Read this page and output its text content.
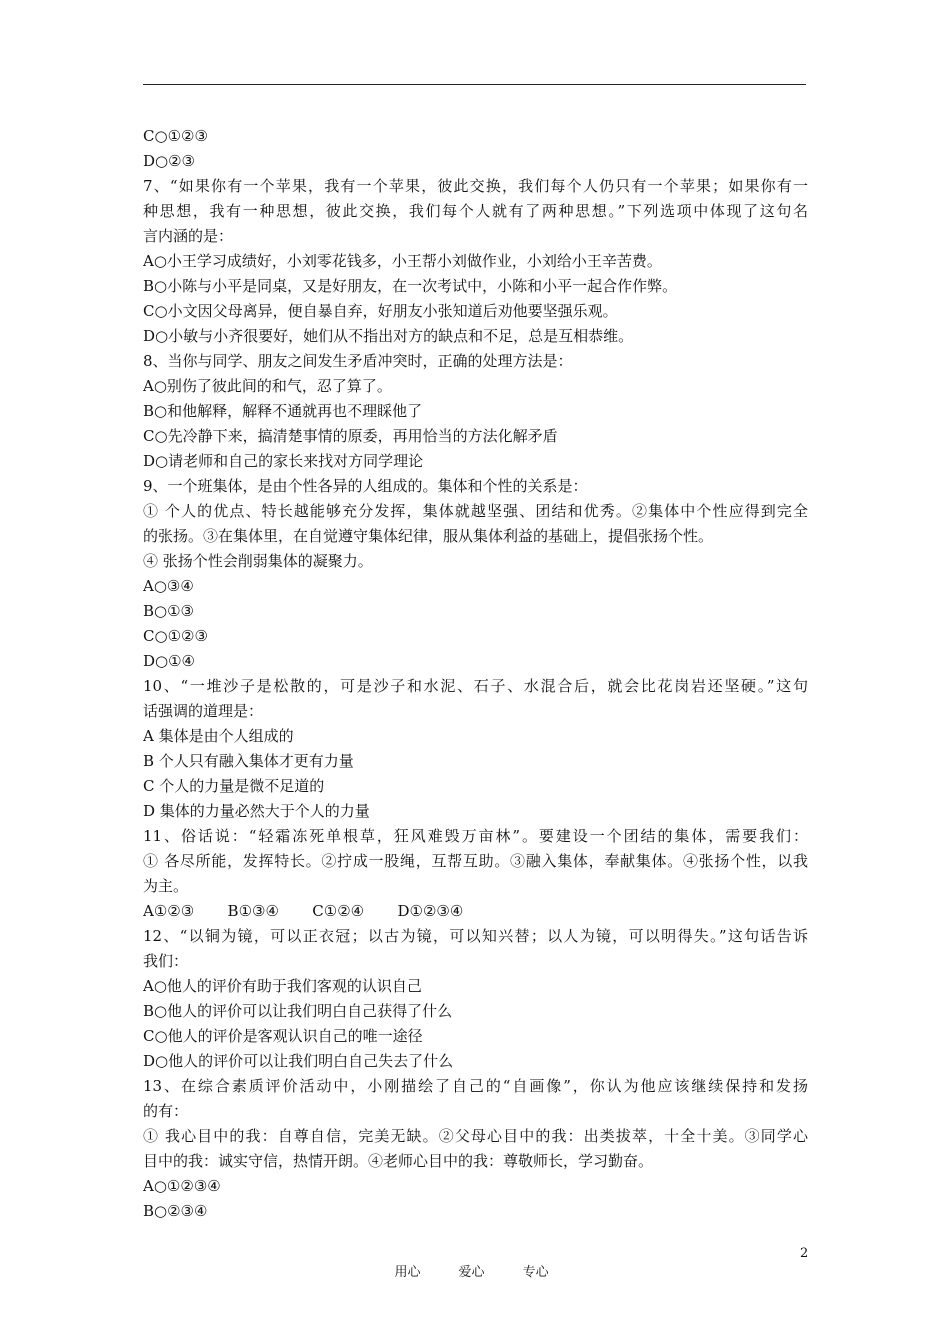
C○①②③
D○②③
7、“如果你有一个苹果，我有一个苹果，彼此交换，我们每个人仍只有一个苹果；如果你有一
种思想，我有一种思想，彼此交换，我们每个人就有了两种思想。”下列选项中体现了这句名
言内涵的是：
A○小王学习成绩好，小刘零花钱多，小王帮小刘做作业，小刘给小王辛苦费。
B○小陈与小平是同桌，又是好朋友，在一次考试中，小陈和小平一起合作作弊。
C○小文因父母离异，便自暴自弃，好朋友小张知道后劝他要坚强乐观。
D○小敏与小齐很要好，她们从不指出对方的缺点和不足，总是互相恭维。
8、当你与同学、朋友之间发生矛盾冲突时，正确的处理方法是：
A○别伤了彼此间的和气，忍了算了。
B○和他解释，解释不通就再也不理睬他了
C○先冷静下来，搞清楚事情的原委，再用恰当的方法化解矛盾
D○请老师和自己的家长来找对方同学理论
9、一个班集体，是由个性各异的人组成的。集体和个性的关系是：
① 个人的优点、特长越能够充分发挥，集体就越坚强、团结和优秀。②集体中个性应得到完全
的张扬。③在集体里，在自觉遵守集体纪律，服从集体利益的基础上，提倡张扬个性。
④ 张扬个性会削弱集体的凝聚力。
A○③④
B○①③
C○①②③
D○①④
10、“一堆沙子是松散的，可是沙子和水泥、石子、水混合后，就会比花岗岩还坚硬。”这句
话强调的道理是：
A 集体是由个人组成的
B 个人只有融入集体才更有力量
C 个人的力量是微不足道的
D 集体的力量必然大于个人的力量
11、俗话说：“轻霜冻死单根草，狂风难毁万亩林”。要建设一个团结的集体，需要我们：
① 各尽所能，发挥特长。②拧成一股绳，互帮互助。③融入集体，奉献集体。④张扬个性，以我
为主。
A①②③       B①③④       C①②④       D①②③④
12、“以铜为镜，可以正衣冠；以古为镜，可以知兴替；以人为镜，可以明得失。”这句话告诉
我们：
A○他人的评价有助于我们客观的认识自己
B○他人的评价可以让我们明白自己获得了什么
C○他人的评价是客观认识自己的唯一途径
D○他人的评价可以让我们明白自己失去了什么
13、在综合素质评价活动中，小刚描绘了自己的“自画像”，你认为他应该继续保持和发扬
的有：
① 我心目中的我：自尊自信，完美无缺。②父母心目中的我：出类拔萃，十全十美。③同学心
目中的我：诚实守信，热情开朗。④老师心目中的我：尊敬师长，学习勤奋。
A○①②③④
B○②③④

用心	爱心	专心

2
